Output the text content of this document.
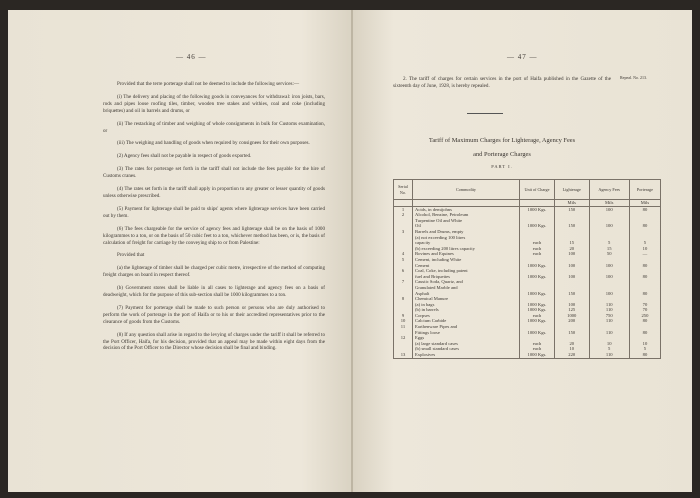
— 46 —

Provided that the terre porterage shall not be deemed to include the following services:—

(i) The delivery and placing of the following goods in conveyances for withdrawal: iron joists, bars, rods and pipes loose roofing tiles, timber, wooden tree stakes and withies, coal and coke (including briquettes) and oil in barrels and drums, or

(ii) The restacking of timber and weighing of whole consignments in bulk for Customs examination, or

(iii) The weighing and handling of goods when required by consignees for their own purposes.

(2) Agency fees shall not be payable in respect of goods exported.

(3) The rates for porterage set forth in the tariff shall not include the fees payable for the hire of Customs cranes.

(4) The rates set forth in the tariff shall apply in proportion to any greater or lesser quantity of goods unless otherwise prescribed.

(5) Payment for lighterage shall be paid to ships' agents where lighterage services have been carried out by them.

(6) The fees chargeable for the service of agency fees and lighterage shall be on the basis of 1000 kilogrammes to a ton, or on the basis of 50 cubic feet to a ton, whichever method has been, or is, the basis of calculation of freight for carriage by the conveying ship to or from Palestine:

Provided that

(a) the lighterage of timber shall be charged per cubic metre, irrespective of the method of computing freight charges on board in respect thereof.

(b) Government stores shall be liable in all cases to lighterage and agency fees on a basis of deadweight, which for the purpose of this sub-section shall be 1000 kilogrammes to a ton.

(7) Payment for porterage shall be made to such person or persons who are duly authorised to perform the work of porterage in the port of Haifa or to his or their accredited representatives prior to the clearance of goods from the Customs.

(8) If any question shall arise in regard to the levying of charges under the tariff it shall be referred to the Port Officer, Haifa, for his decision, provided that an appeal may be made within eight days from the decision of the Port Officer to the Director whose decision shall be final and binding.

— 47 —
2. The tariff of charges for certain services in the port of Haifa published in the Gazette of the sixteenth day of June, 1928, is hereby repealed.
Repeal. No. 213.
Tariff of Maximum Charges for Lighterage, Agency Fees
and Porterage Charges
PART I.
Serial No.	Commodity	Unit of Charge	Lighterage	Agency Fees	Porterage
			Mils	Mils	Mils
1	Acids, in demijohns	1000 Kgs.	150	100	80
2	Alcohol, Benzine, Petroleum				
	Turpentine Oil and White				
	Oil	1000 Kgs.	150	100	80
3	Barrels and Drums, empty				
	(a) not exceeding 100 litres				
	capacity	each	15	5	5
	(b) exceeding 200 litres capacity	each	20	15	10
4	Bovines and Equines	each	100	50	—
5	Cement, including White				
	Cement	1000 Kgs.	100	100	80
6	Coal, Coke, including patent				
	fuel and Briquettes	1000 Kgs.	100	100	80
7	Caustic Soda, Quartz, and				
	Granulated Marble and				
	Asphalt	1000 Kgs.	150	100	80
8	Chemical Manure				
	(a) in bags	1000 Kgs.	100	110	70
	(b) in barrels	1000 Kgs.	125	110	70
9	Corpses	each	1000	750	250
10	Calcium Carbide	1000 Kgs.	200	110	80
11	Earthenware Pipes and				
	Fittings loose	1000 Kgs.	150	110	80
12	Eggs				
	(a) large standard cases	each	20	10	10
	(b) small standard cases	each	10	5	5
13	Explosives	1000 Kgs.	220	110	80
